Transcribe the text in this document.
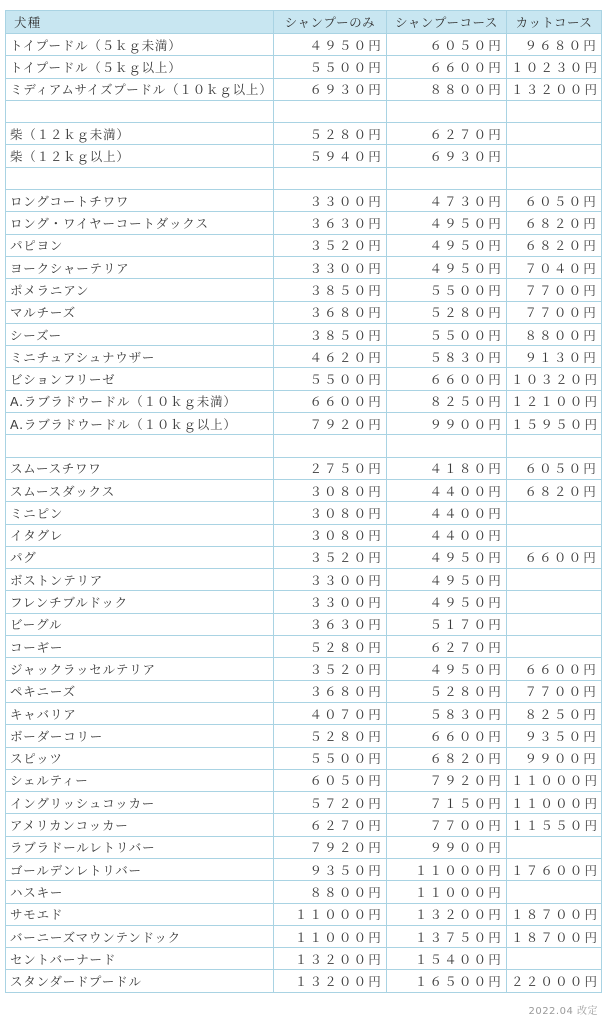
犬種	シャンプーのみ	シャンプーコース	カットコース
トイプードル（５ｋｇ未満）	４９５０円	６０５０円	９６８０円
トイプードル（５ｋｇ以上）	５５００円	６６００円	１０２３０円
ミディアムサイズプードル（１０ｋｇ以上）	６９３０円	８８００円	１３２００円

柴（１２ｋｇ未満）	５２８０円	６２７０円	
柴（１２ｋｇ以上）	５９４０円	６９３０円	

ロングコートチワワ	３３００円	４７３０円	６０５０円
ロング・ワイヤーコートダックス	３６３０円	４９５０円	６８２０円
パピヨン	３５２０円	４９５０円	６８２０円
ヨークシャーテリア	３３００円	４９５０円	７０４０円
ポメラニアン	３８５０円	５５００円	７７００円
マルチーズ	３６８０円	５２８０円	７７００円
シーズー	３８５０円	５５００円	８８００円
ミニチュアシュナウザー	４６２０円	５８３０円	９１３０円
ビションフリーゼ	５５００円	６６００円	１０３２０円
A.ラブラドウードル（１０ｋｇ未満）	６６００円	８２５０円	１２１００円
A.ラブラドウードル（１０ｋｇ以上）	７９２０円	９９００円	１５９５０円

スムースチワワ	２７５０円	４１８０円	６０５０円
スムースダックス	３０８０円	４４００円	６８２０円
ミニピン	３０８０円	４４００円	
イタグレ	３０８０円	４４００円	
パグ	３５２０円	４９５０円	６６００円
ボストンテリア	３３００円	４９５０円	
フレンチブルドック	３３００円	４９５０円	
ビーグル	３６３０円	５１７０円	
コーギー	５２８０円	６２７０円	
ジャックラッセルテリア	３５２０円	４９５０円	６６００円
ペキニーズ	３６８０円	５２８０円	７７００円
キャバリア	４０７０円	５８３０円	８２５０円
ボーダーコリー	５２８０円	６６００円	９３５０円
スピッツ	５５００円	６８２０円	９９００円
シェルティー	６０５０円	７９２０円	１１０００円
イングリッシュコッカー	５７２０円	７１５０円	１１０００円
アメリカンコッカー	６２７０円	７７００円	１１５５０円
ラブラドールレトリバー	７９２０円	９９００円	
ゴールデンレトリバー	９３５０円	１１０００円	１７６００円
ハスキー	８８００円	１１０００円	
サモエド	１１０００円	１３２００円	１８７００円
バーニーズマウンテンドック	１１０００円	１３７５０円	１８７００円
セントバーナード	１３２００円	１５４００円	
スタンダードプードル	１３２００円	１６５００円	２２０００円
2022.04 改定
